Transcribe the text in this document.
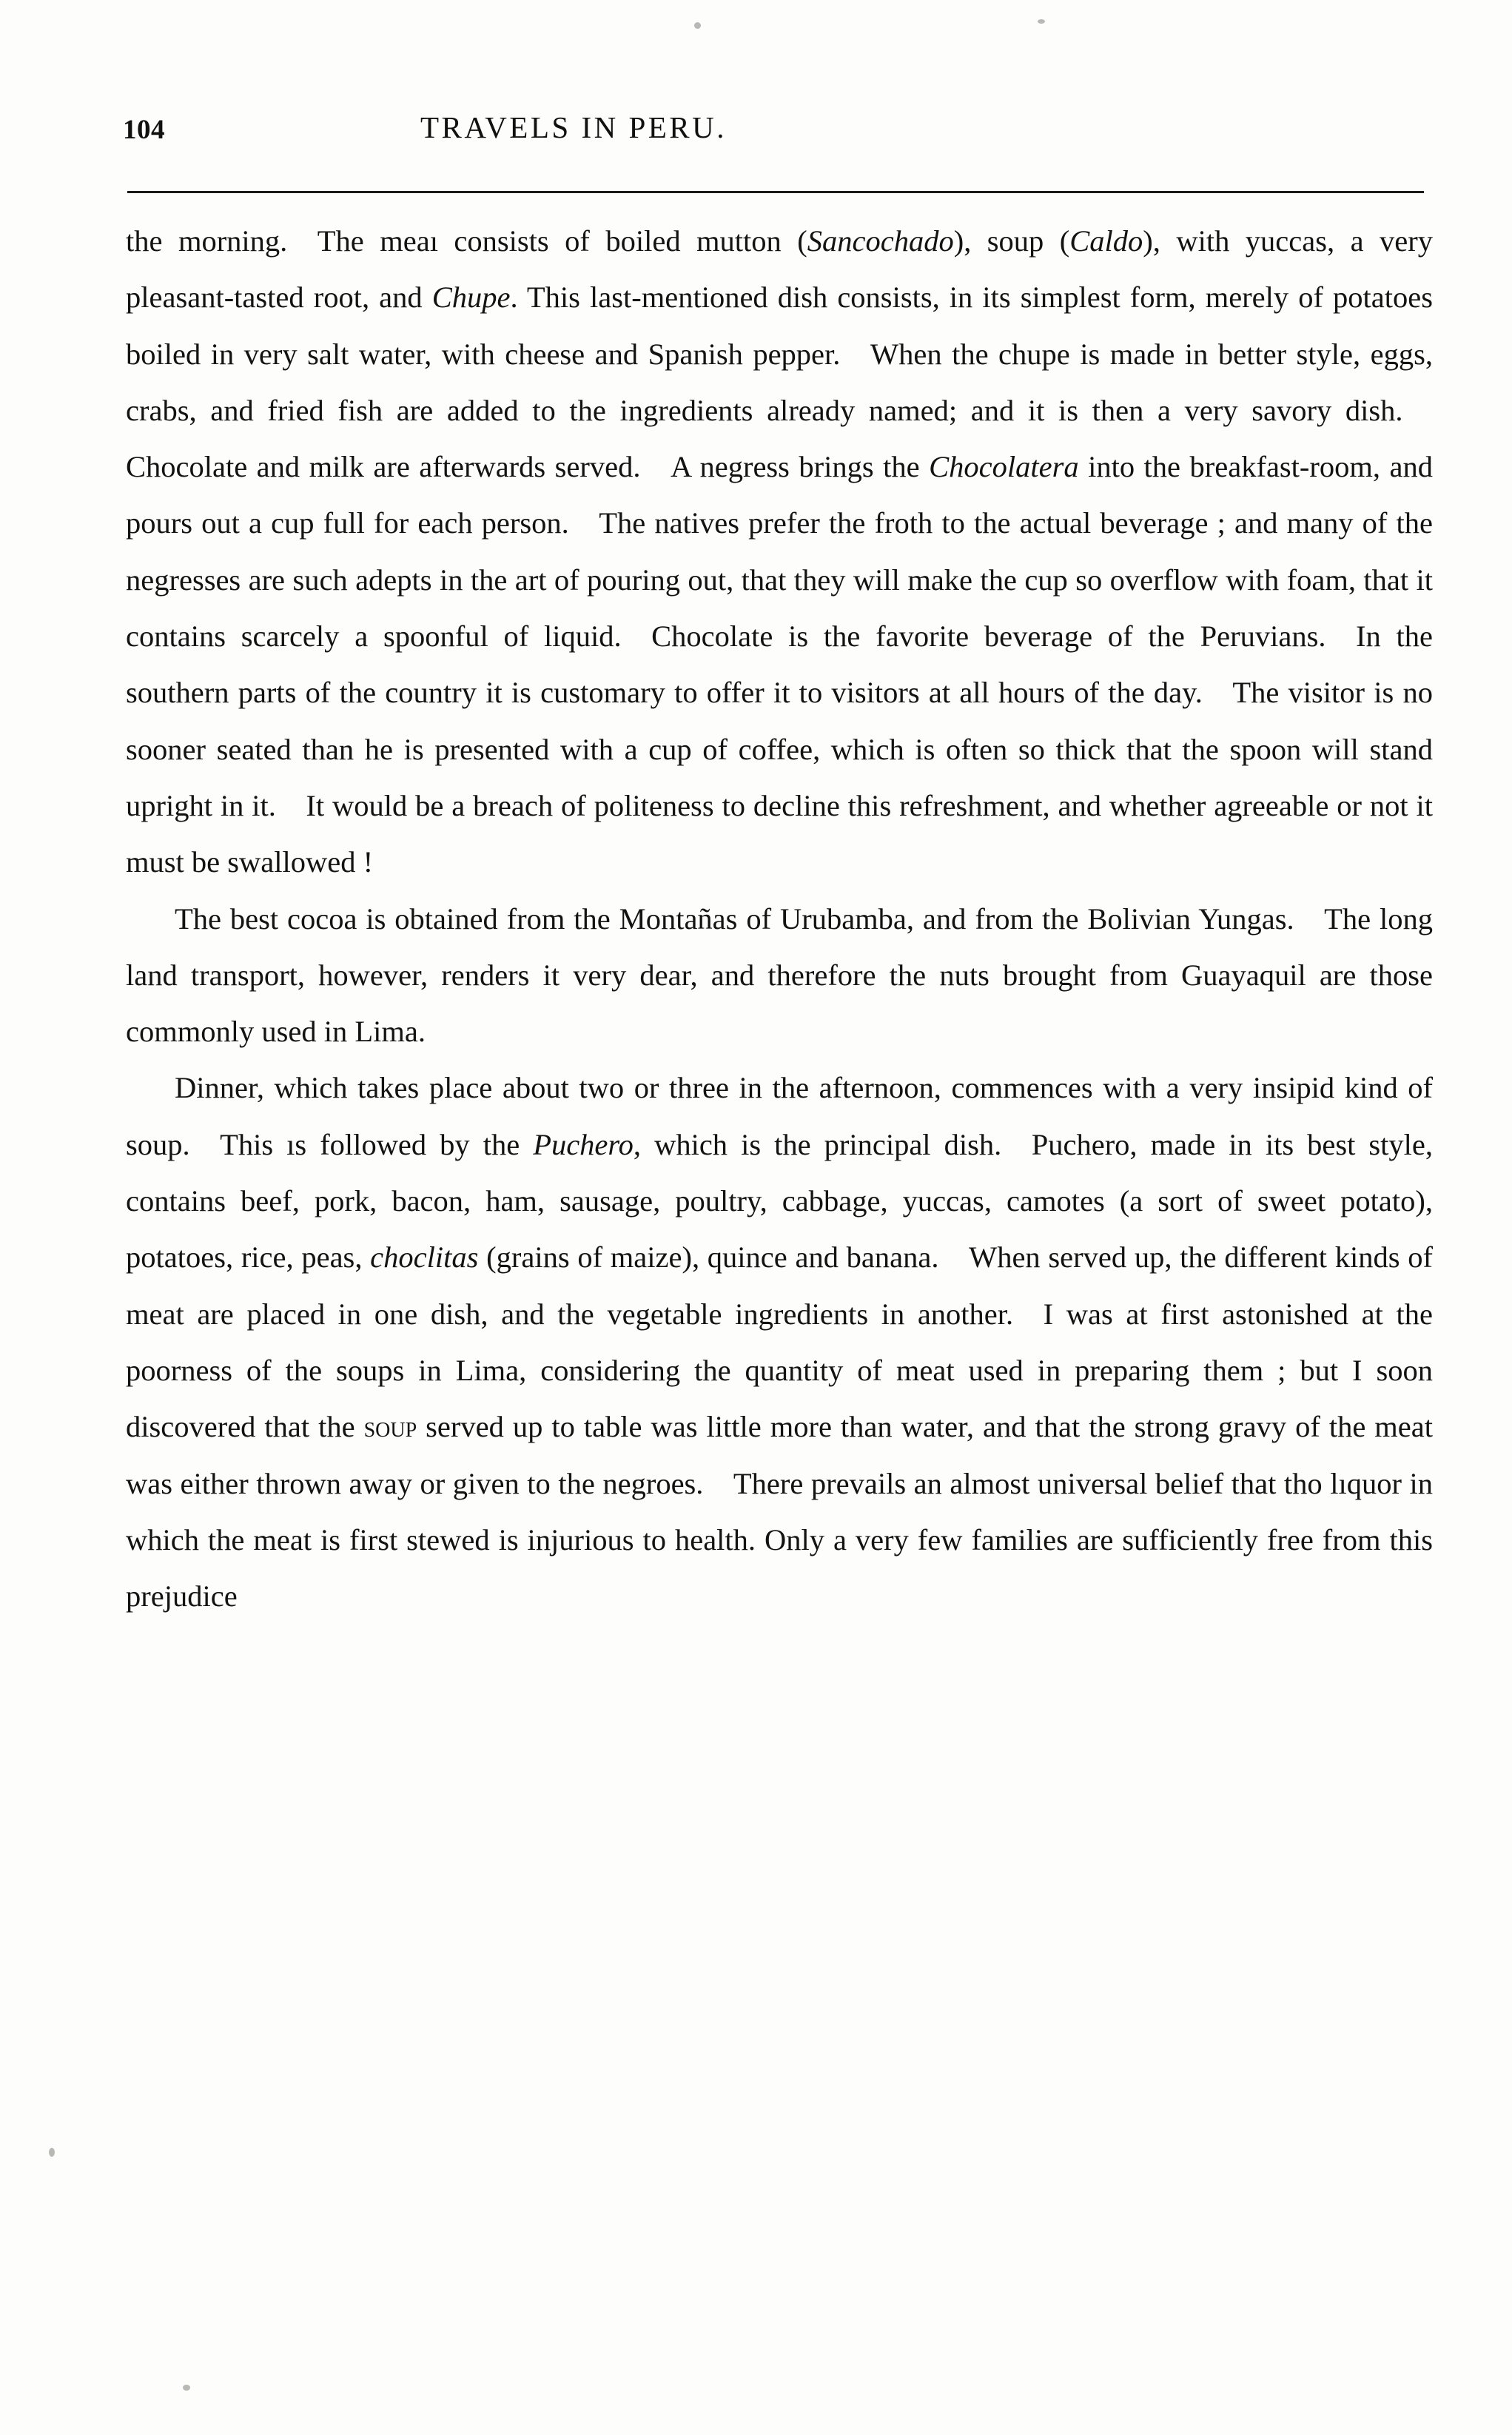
104	TRAVELS IN PERU.

the morning. The meaı consists of boiled mutton (Sancochado), soup (Caldo), with yuccas, a very pleasant-tasted root, and Chupe. This last-mentioned dish consists, in its simplest form, merely of potatoes boiled in very salt water, with cheese and Spanish pepper. When the chupe is made in better style, eggs, crabs, and fried fish are added to the ingredients already named; and it is then a very savory dish. Chocolate and milk are afterwards served. A negress brings the Chocolatera into the breakfast-room, and pours out a cup full for each person. The natives prefer the froth to the actual beverage ; and many of the negresses are such adepts in the art of pouring out, that they will make the cup so overflow with foam, that it contains scarcely a spoonful of liquid. Chocolate is the favorite beverage of the Peruvians. In the southern parts of the country it is customary to offer it to visitors at all hours of the day. The visitor is no sooner seated than he is presented with a cup of coffee, which is often so thick that the spoon will stand upright in it. It would be a breach of politeness to decline this refreshment, and whether agreeable or not it must be swallowed !

The best cocoa is obtained from the Montañas of Urubamba, and from the Bolivian Yungas. The long land transport, however, renders it very dear, and therefore the nuts brought from Guayaquil are those commonly used in Lima.

Dinner, which takes place about two or three in the afternoon, commences with a very insipid kind of soup. This ıs followed by the Puchero, which is the principal dish. Puchero, made in its best style, contains beef, pork, bacon, ham, sausage, poultry, cabbage, yuccas, camotes (a sort of sweet potato), potatoes, rice, peas, choclitas (grains of maize), quince and banana. When served up, the different kinds of meat are placed in one dish, and the vegetable ingredients in another. I was at first astonished at the poorness of the soups in Lima, considering the quantity of meat used in preparing them ; but I soon discovered that the soup served up to table was little more than water, and that the strong gravy of the meat was either thrown away or given to the negroes. There prevails an almost universal belief that tho lıquor in which the meat is first stewed is injurious to health. Only a very few families are sufficiently free from this prejudice
